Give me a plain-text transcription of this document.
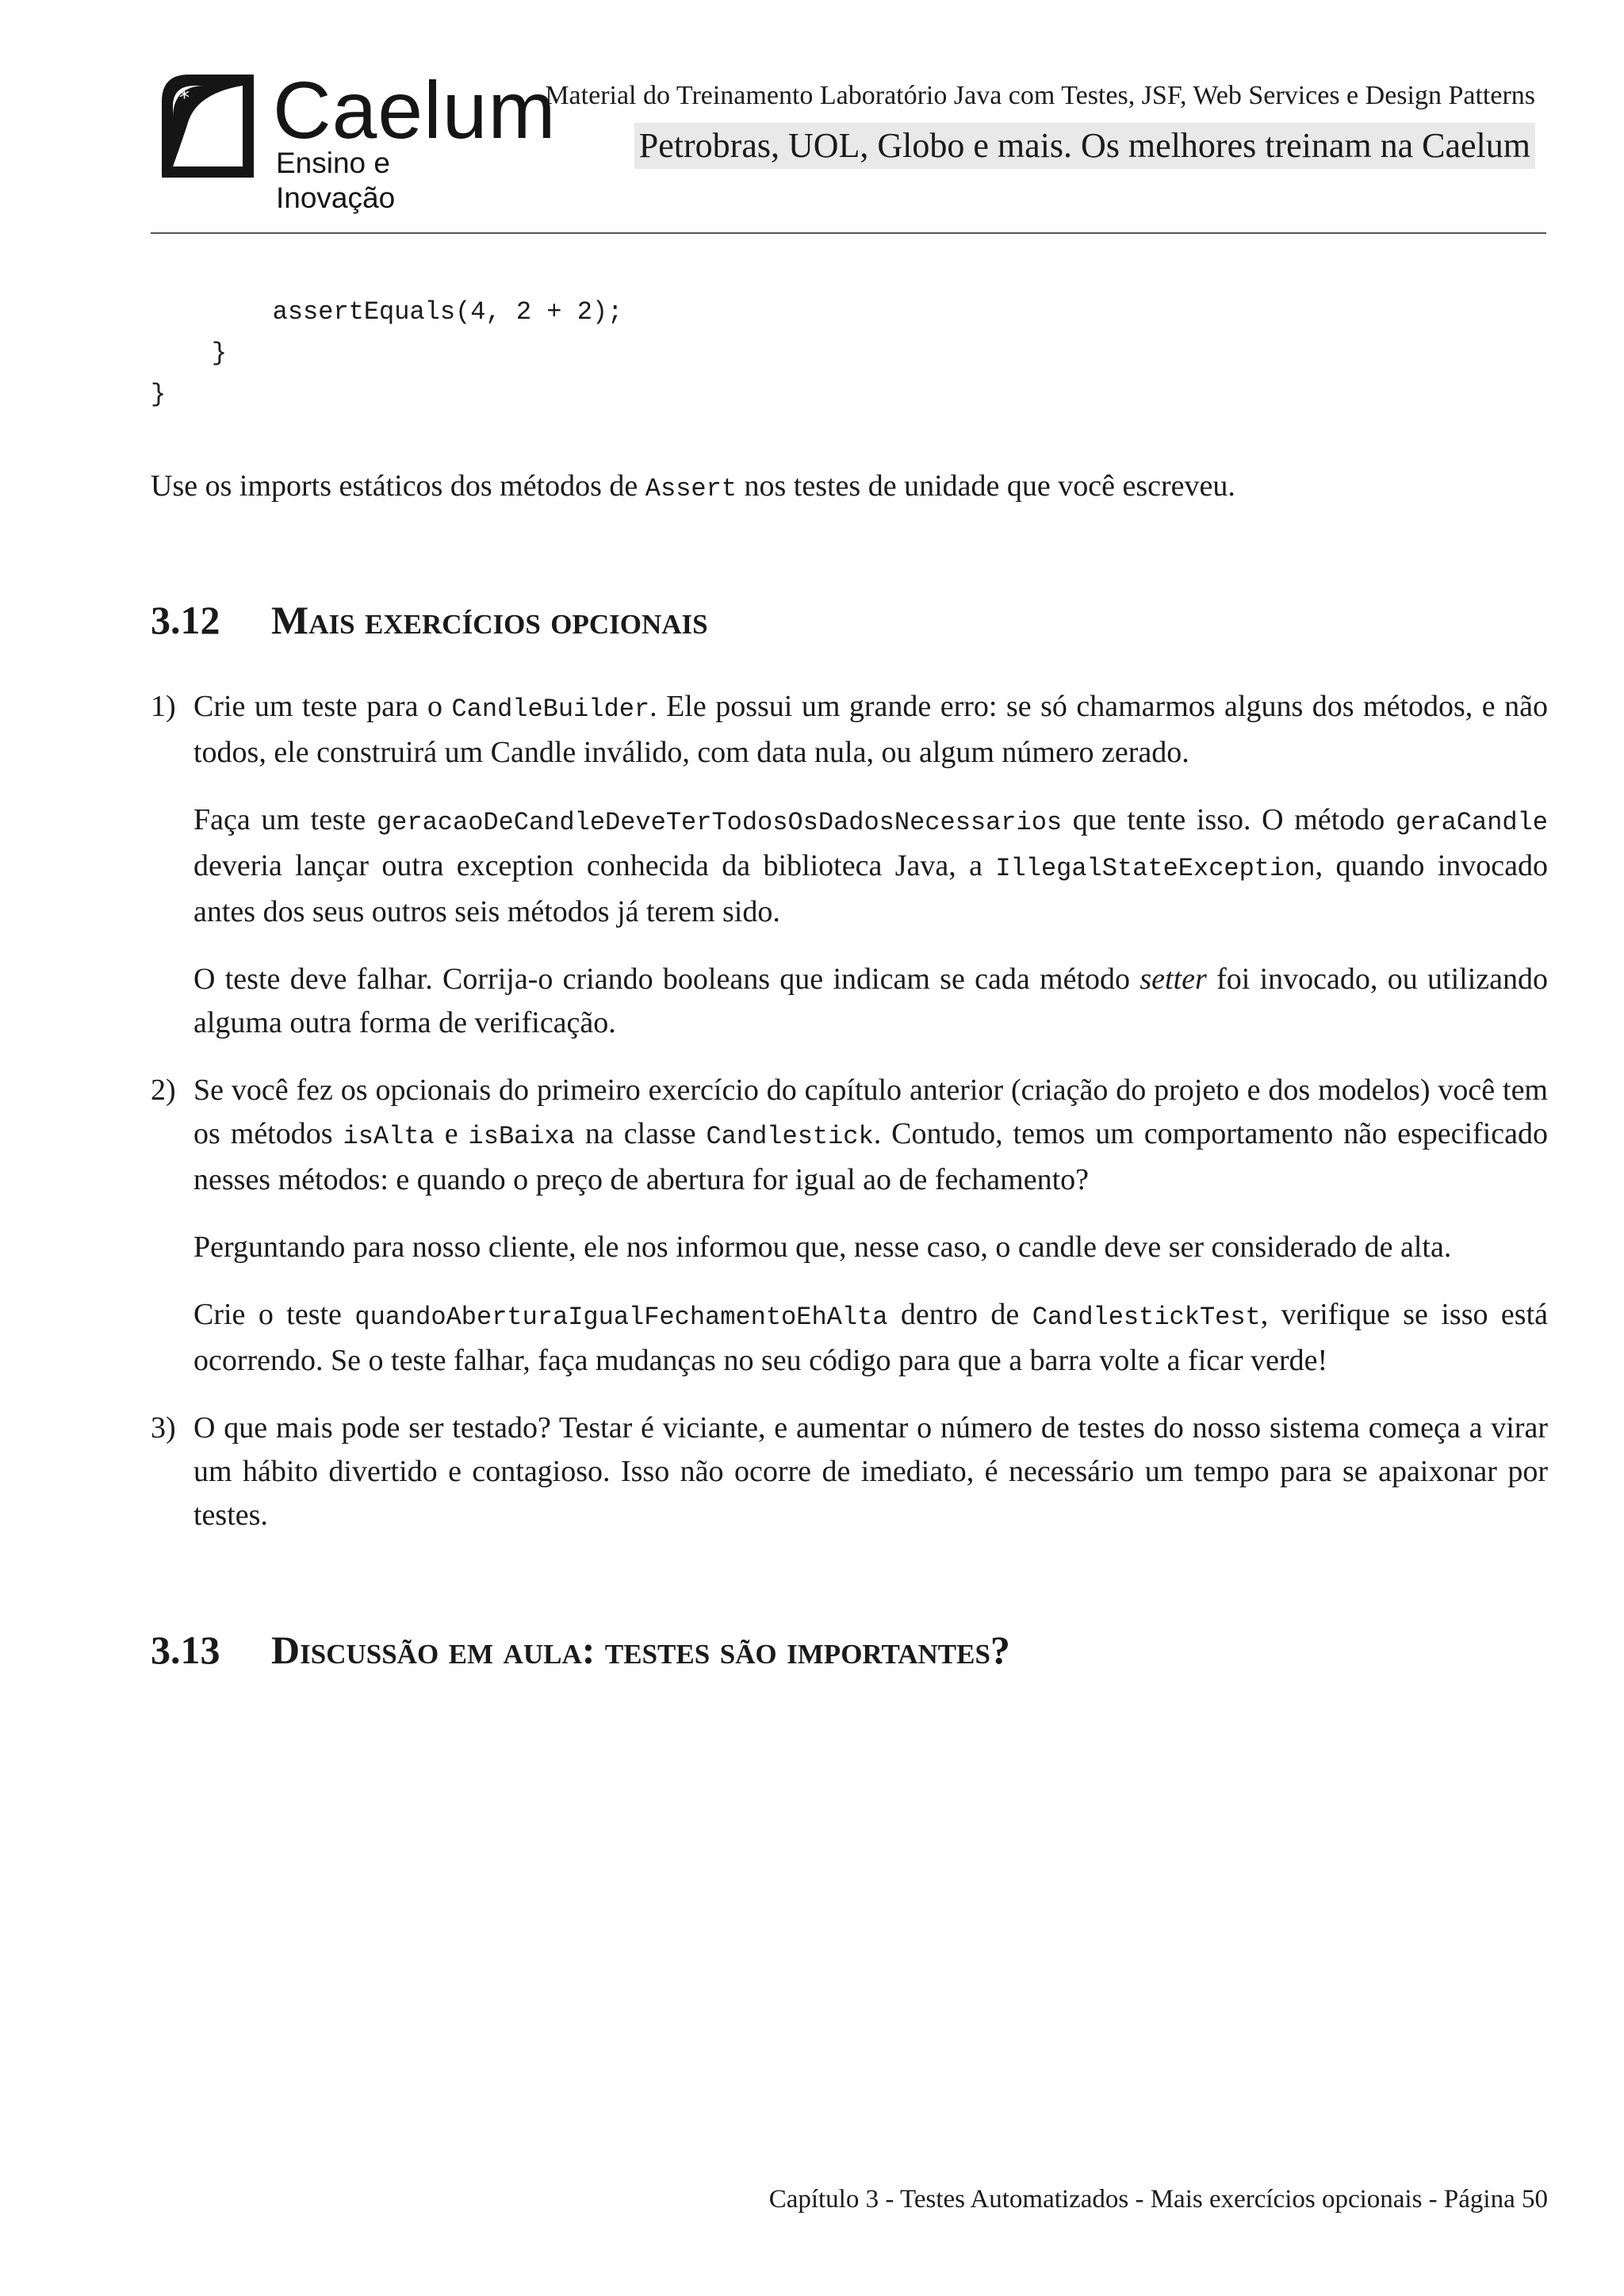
* Caelum
Ensino e Inovação
Material do Treinamento Laboratório Java com Testes, JSF, Web Services e Design Patterns
Petrobras, UOL, Globo e mais. Os melhores treinam na Caelum
assertEquals(4, 2 + 2);
}
}

Use os imports estáticos dos métodos de Assert nos testes de unidade que você escreveu.

3.12	Mais exercícios opcionais
1) Crie um teste para o CandleBuilder. Ele possui um grande erro: se só chamarmos alguns dos métodos, e não todos, ele construirá um Candle inválido, com data nula, ou algum número zerado.

Faça um teste geracaoDeCandleDeveTerTodosOsDadosNecessarios que tente isso. O método geraCandle deveria lançar outra exception conhecida da biblioteca Java, a IllegalStateException, quando invocado antes dos seus outros seis métodos já terem sido.

O teste deve falhar. Corrija-o criando booleans que indicam se cada método setter foi invocado, ou utilizando alguma outra forma de verificação.

2) Se você fez os opcionais do primeiro exercício do capítulo anterior (criação do projeto e dos modelos) você tem os métodos isAlta e isBaixa na classe Candlestick. Contudo, temos um comportamento não especificado nesses métodos: e quando o preço de abertura for igual ao de fechamento?

Perguntando para nosso cliente, ele nos informou que, nesse caso, o candle deve ser considerado de alta.

Crie o teste quandoAberturaIgualFechamentoEhAlta dentro de CandlestickTest, verifique se isso está ocorrendo. Se o teste falhar, faça mudanças no seu código para que a barra volte a ficar verde!

3) O que mais pode ser testado? Testar é viciante, e aumentar o número de testes do nosso sistema começa a virar um hábito divertido e contagioso. Isso não ocorre de imediato, é necessário um tempo para se apaixonar por testes.

3.13	Discussão em aula: testes são importantes?
Capítulo 3 - Testes Automatizados - Mais exercícios opcionais - Página 50
